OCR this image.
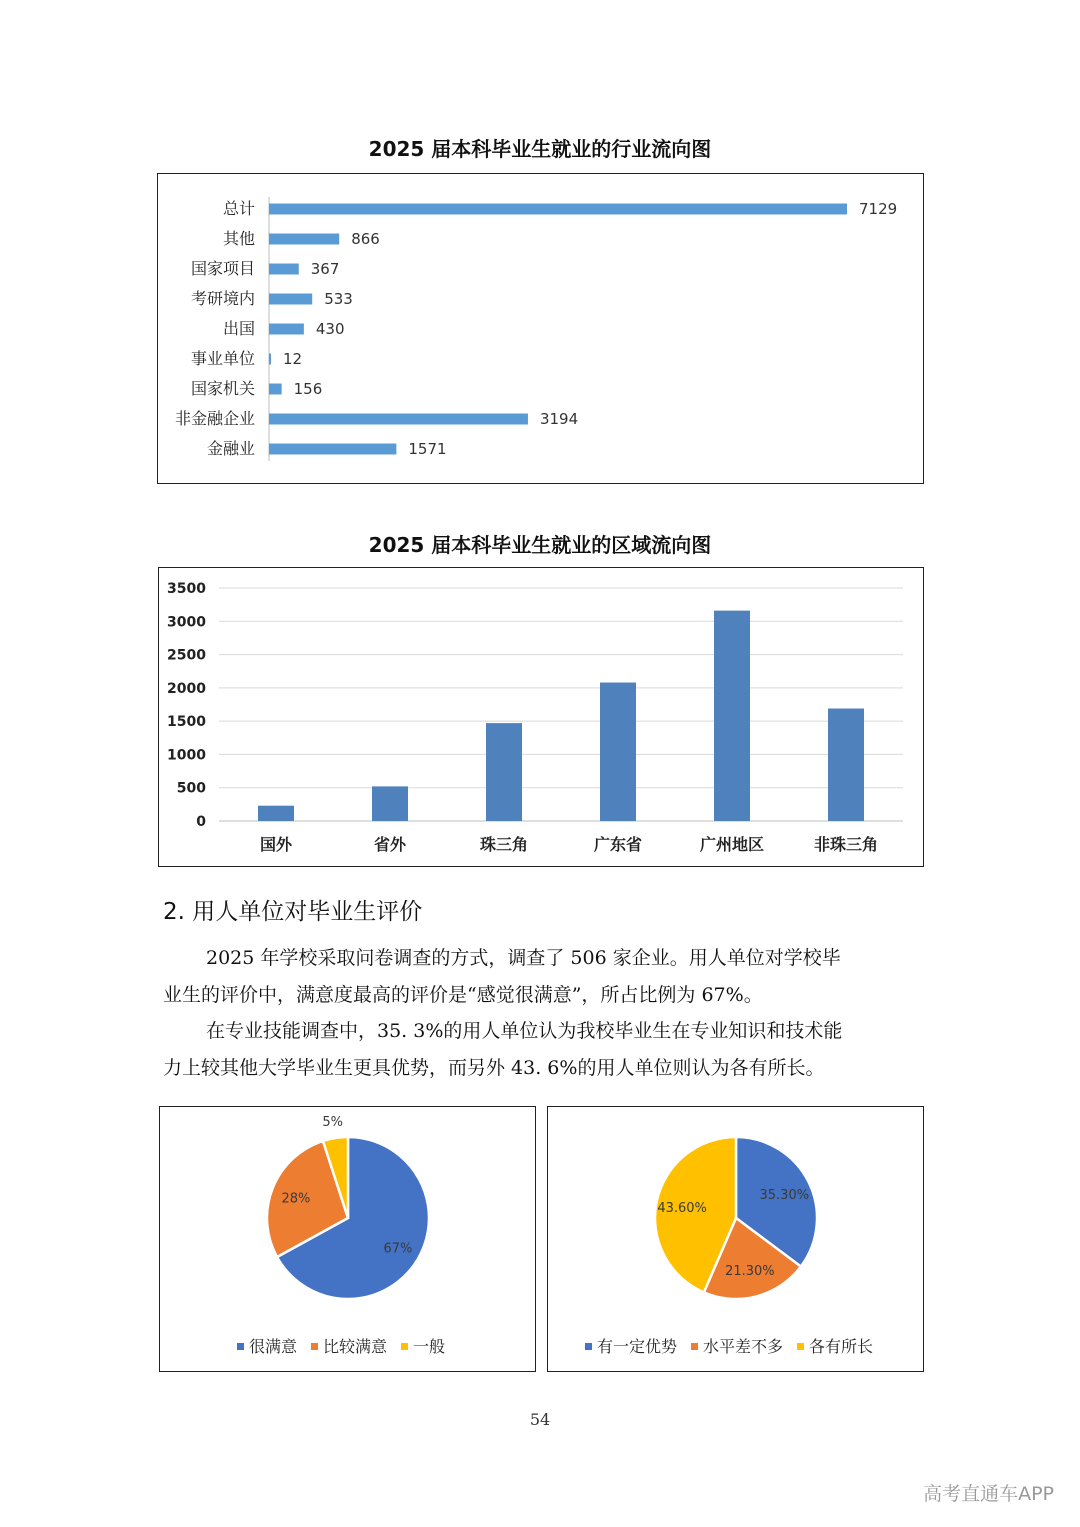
2025 届本科毕业生就业的行业流向图
总计	7129
其他	866
国家项目	367
考研境内	533
出国	430
事业单位 12
国家机关	156
非金融企业	3194
金融业	1571
2025 届本科毕业生就业的区域流向图
0
500
1000
1500
2000
2500
3000
3500
国外	省外	珠三角	广东省	广州地区	非珠三角
2. 用人单位对毕业生评价

2025 年学校采取问卷调查的方式，调查了 506 家企业。用人单位对学校毕
业生的评价中，满意度最高的评价是“感觉很满意”，所占比例为 67%。

在专业技能调查中，35. 3%的用人单位认为我校毕业生在专业知识和技术能
力上较其他大学毕业生更具优势，而另外 43. 6%的用人单位则认为各有所长。

67%
28%
5%
很满意 比较满意 一般
35.30%
21.30%
43.60%
有一定优势 水平差不多 各有所长
54
高考直通车APP
